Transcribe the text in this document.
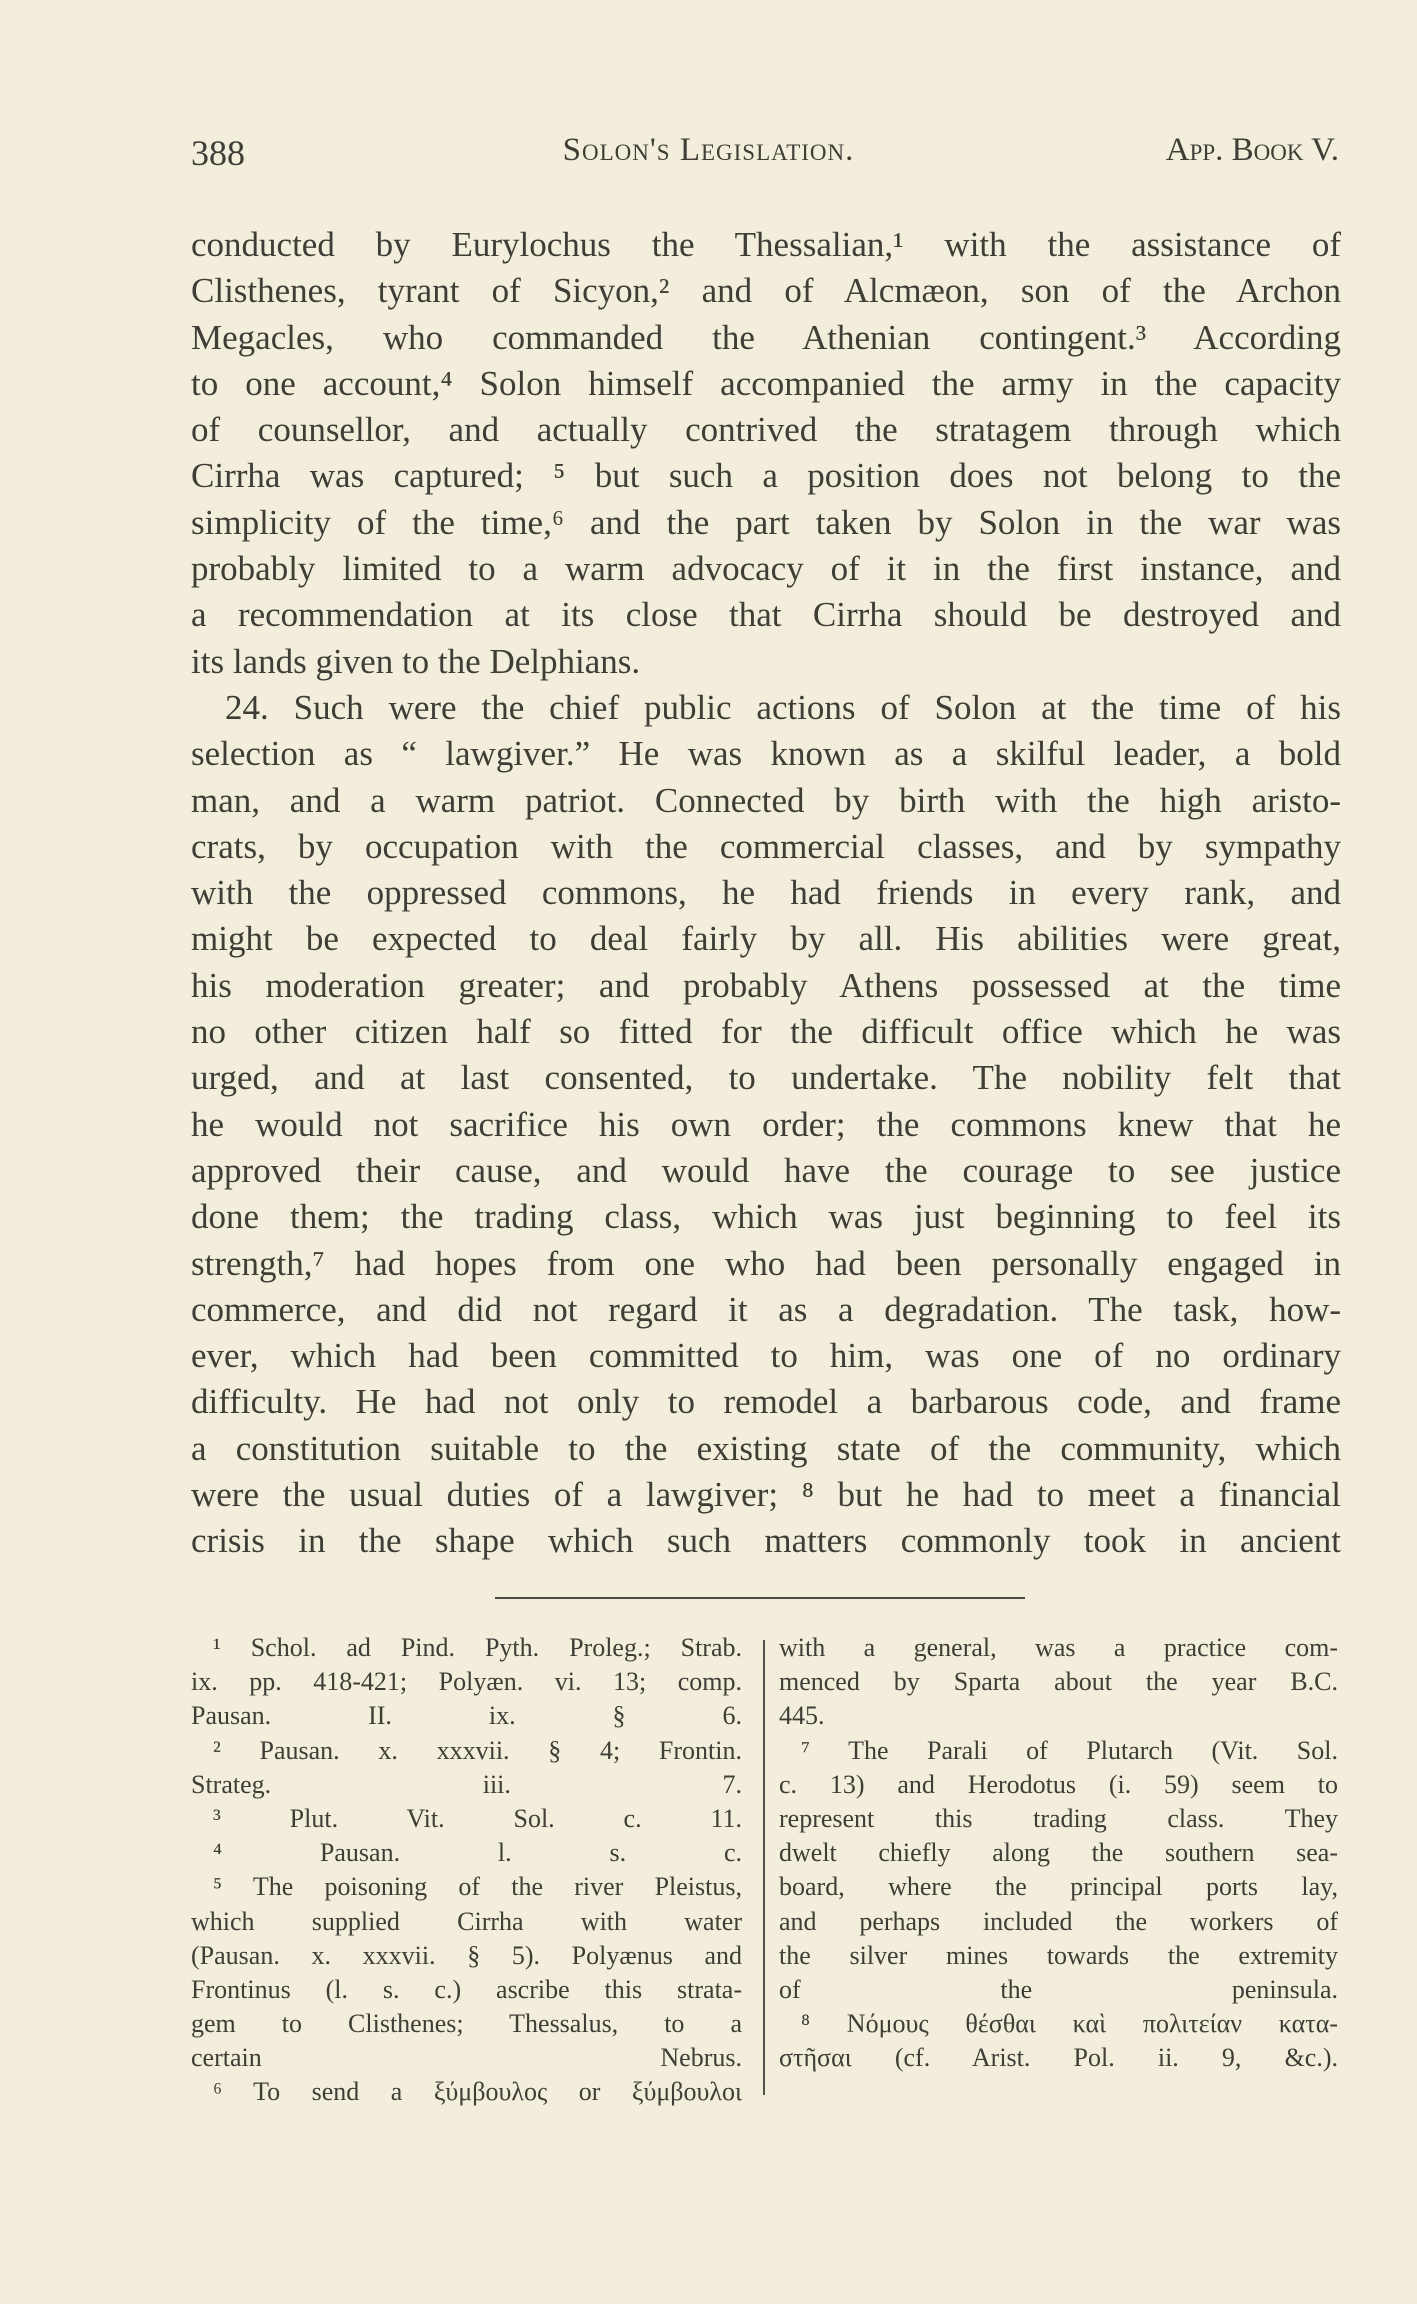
388	Solon's Legislation.	App. Book V.
conducted by Eurylochus the Thessalian,¹ with the assistance of
Clisthenes, tyrant of Sicyon,² and of Alcmæon, son of the Archon
Megacles, who commanded the Athenian contingent.³ According
to one account,⁴ Solon himself accompanied the army in the capacity
of counsellor, and actually contrived the stratagem through which
Cirrha was captured; ⁵ but such a position does not belong to the
simplicity of the time,⁶ and the part taken by Solon in the war was
probably limited to a warm advocacy of it in the first instance, and
a recommendation at its close that Cirrha should be destroyed and
its lands given to the Delphians.
24. Such were the chief public actions of Solon at the time of his
selection as “ lawgiver.” He was known as a skilful leader, a bold
man, and a warm patriot. Connected by birth with the high aristo-
crats, by occupation with the commercial classes, and by sympathy
with the oppressed commons, he had friends in every rank, and
might be expected to deal fairly by all. His abilities were great,
his moderation greater; and probably Athens possessed at the time
no other citizen half so fitted for the difficult office which he was
urged, and at last consented, to undertake. The nobility felt that
he would not sacrifice his own order; the commons knew that he
approved their cause, and would have the courage to see justice
done them; the trading class, which was just beginning to feel its
strength,⁷ had hopes from one who had been personally engaged in
commerce, and did not regard it as a degradation. The task, how-
ever, which had been committed to him, was one of no ordinary
difficulty. He had not only to remodel a barbarous code, and frame
a constitution suitable to the existing state of the community, which
were the usual duties of a lawgiver; ⁸ but he had to meet a financial
crisis in the shape which such matters commonly took in ancient
¹ Schol. ad Pind. Pyth. Proleg.; Strab.
ix. pp. 418-421; Polyæn. vi. 13; comp.
Pausan. II. ix. § 6.
² Pausan. x. xxxvii. § 4; Frontin.
Strateg. iii. 7.
³ Plut. Vit. Sol. c. 11.
⁴ Pausan. l. s. c.
⁵ The poisoning of the river Pleistus,
which supplied Cirrha with water
(Pausan. x. xxxvii. § 5). Polyænus and
Frontinus (l. s. c.) ascribe this strata-
gem to Clisthenes; Thessalus, to a
certain Nebrus.
⁶ To send a ξύμβουλος or ξύμβουλοι
with a general, was a practice com-
menced by Sparta about the year B.C.
445.
⁷ The Parali of Plutarch (Vit. Sol.
c. 13) and Herodotus (i. 59) seem to
represent this trading class. They
dwelt chiefly along the southern sea-
board, where the principal ports lay,
and perhaps included the workers of
the silver mines towards the extremity
of the peninsula.
⁸ Νόμους θέσθαι καὶ πολιτείαν κατα-
στῆσαι (cf. Arist. Pol. ii. 9, &c.).
